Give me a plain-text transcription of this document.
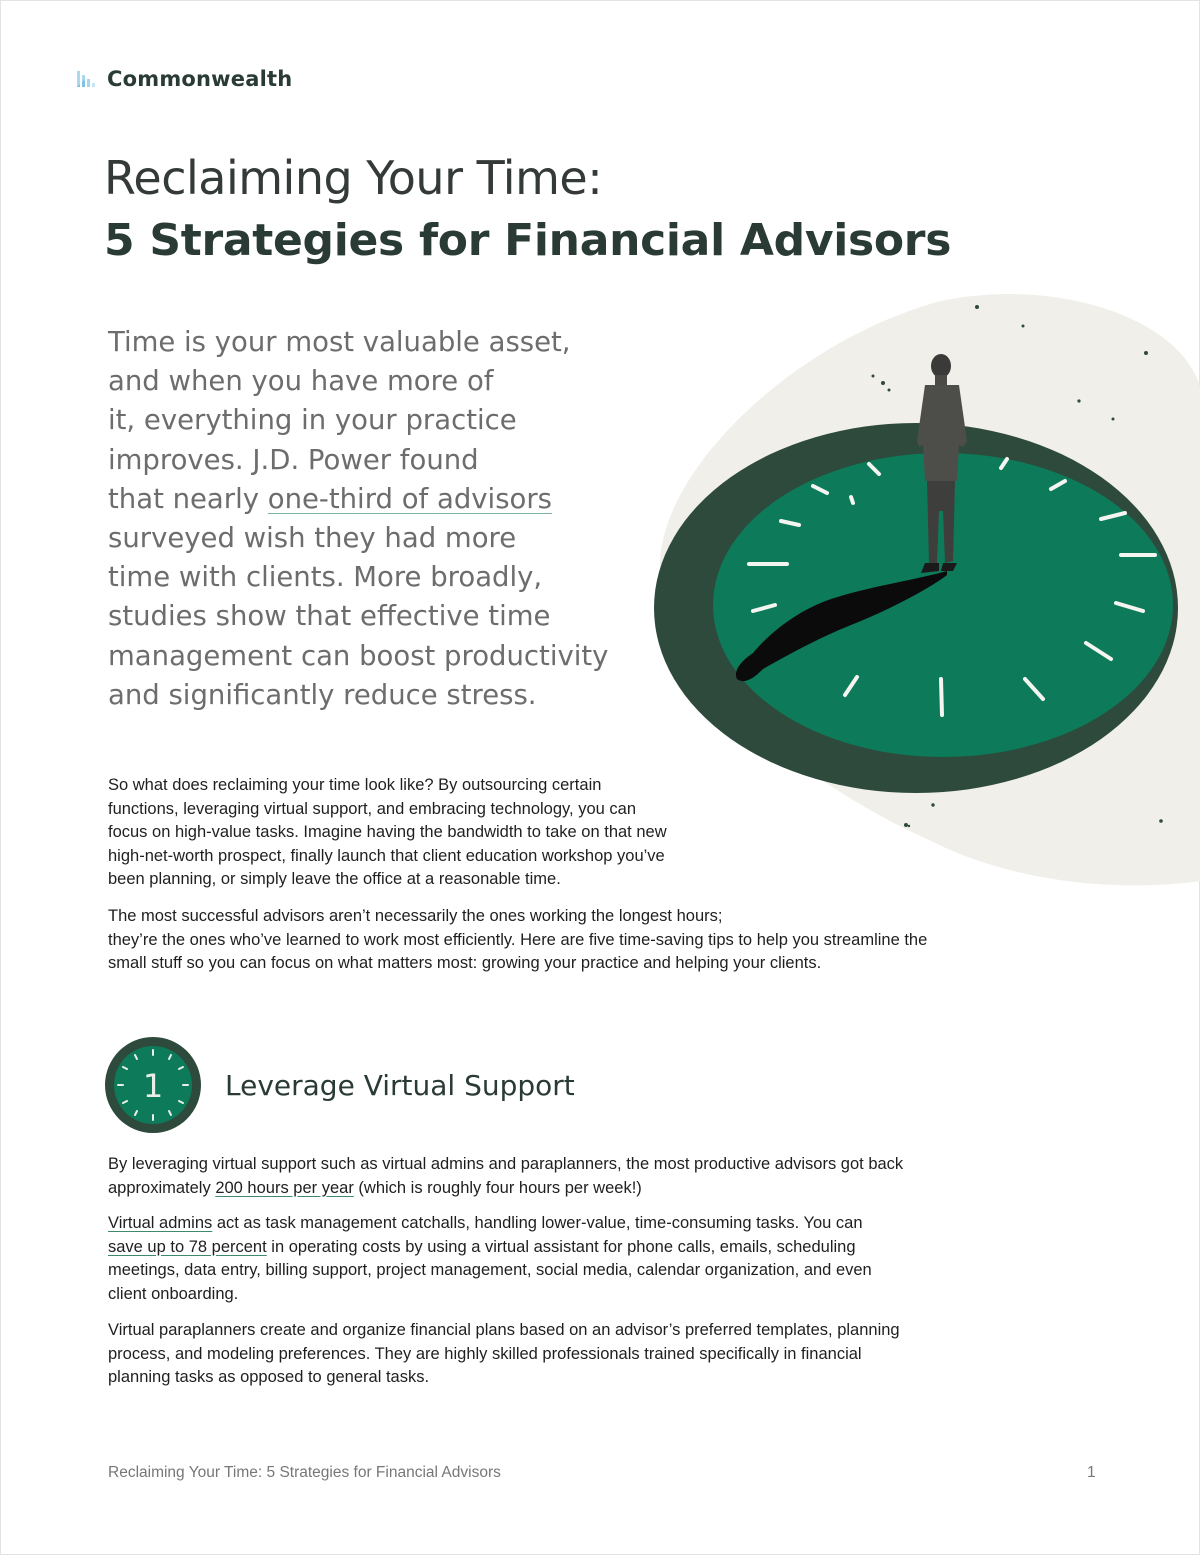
Commonwealth
Reclaiming Your Time:
5 Strategies for Financial Advisors

Time is your most valuable asset,
and when you have more of
it, everything in your practice
improves. J.D. Power found
that nearly one-third of advisors
surveyed wish they had more
time with clients. More broadly,
studies show that effective time
management can boost productivity
and significantly reduce stress.

So what does reclaiming your time look like? By outsourcing certain
functions, leveraging virtual support, and embracing technology, you can
focus on high-value tasks. Imagine having the bandwidth to take on that new
high-net-worth prospect, finally launch that client education workshop you’ve
been planning, or simply leave the office at a reasonable time.

The most successful advisors aren’t necessarily the ones working the longest hours;
they’re the ones who’ve learned to work most efficiently. Here are five time-saving tips to help you streamline the
small stuff so you can focus on what matters most: growing your practice and helping your clients.

1 Leverage Virtual Support

By leveraging virtual support such as virtual admins and paraplanners, the most productive advisors got back
approximately 200 hours per year (which is roughly four hours per week!)

Virtual admins act as task management catchalls, handling lower-value, time-consuming tasks. You can
save up to 78 percent in operating costs by using a virtual assistant for phone calls, emails, scheduling
meetings, data entry, billing support, project management, social media, calendar organization, and even
client onboarding.

Virtual paraplanners create and organize financial plans based on an advisor’s preferred templates, planning
process, and modeling preferences. They are highly skilled professionals trained specifically in financial
planning tasks as opposed to general tasks.

Reclaiming Your Time: 5 Strategies for Financial Advisors	1
